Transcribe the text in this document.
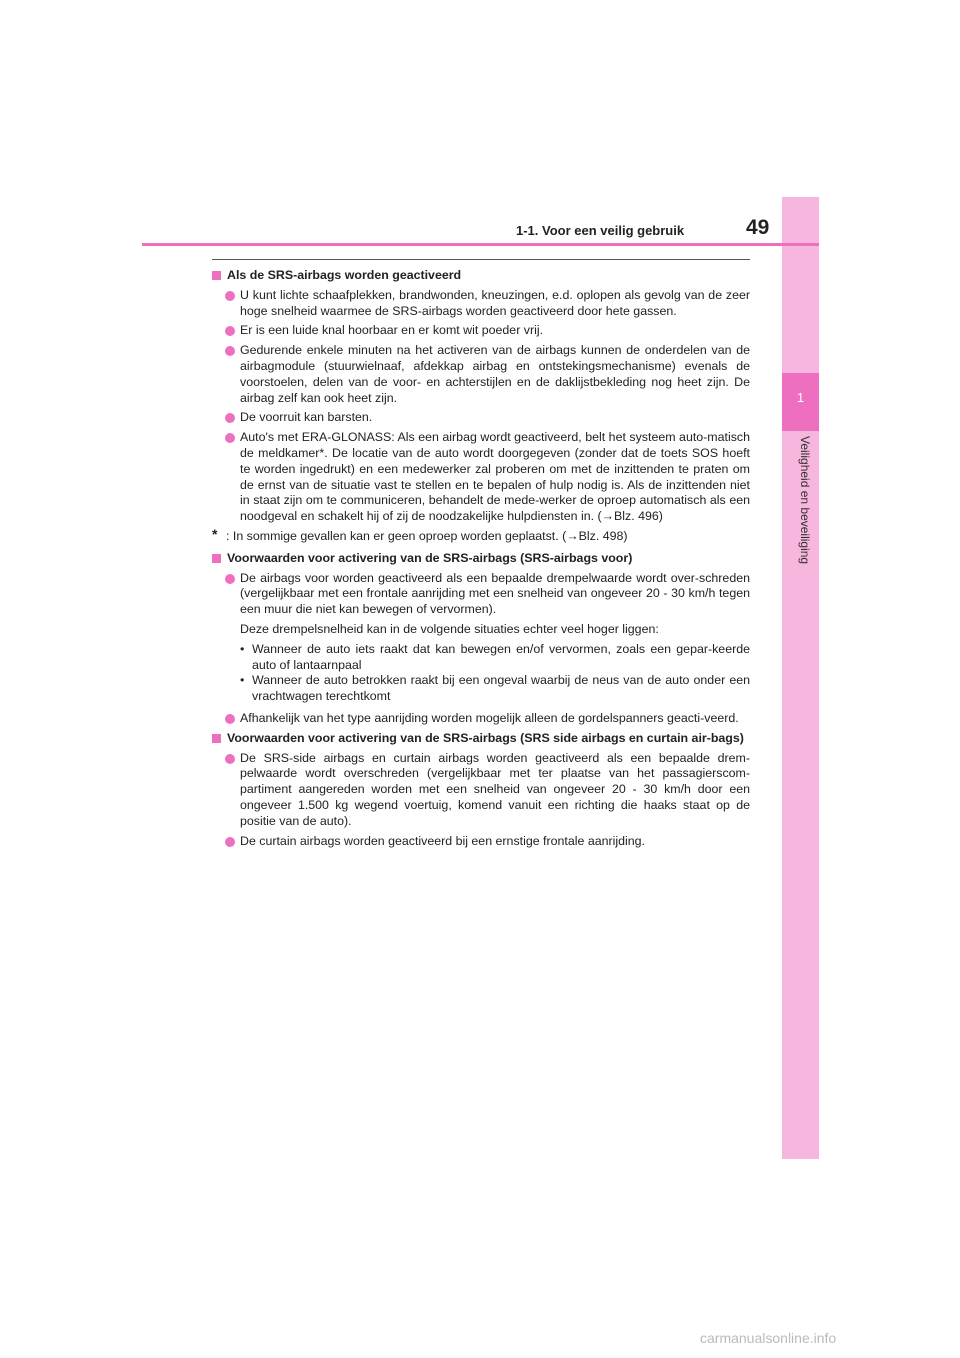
1
Veiligheid en beveiliging
1-1. Voor een veilig gebruik	49
Als de SRS-airbags worden geactiveerd
U kunt lichte schaafplekken, brandwonden, kneuzingen, e.d. oplopen als gevolg van de zeer hoge snelheid waarmee de SRS-airbags worden geactiveerd door hete gassen.
Er is een luide knal hoorbaar en er komt wit poeder vrij.
Gedurende enkele minuten na het activeren van de airbags kunnen de onderdelen van de airbagmodule (stuurwielnaaf, afdekkap airbag en ontstekingsmechanisme) evenals de voorstoelen, delen van de voor- en achterstijlen en de daklijstbekleding nog heet zijn. De airbag zelf kan ook heet zijn.
De voorruit kan barsten.
Auto's met ERA-GLONASS: Als een airbag wordt geactiveerd, belt het systeem auto-matisch de meldkamer*. De locatie van de auto wordt doorgegeven (zonder dat de toets SOS hoeft te worden ingedrukt) en een medewerker zal proberen om met de inzittenden te praten om de ernst van de situatie vast te stellen en te bepalen of hulp nodig is. Als de inzittenden niet in staat zijn om te communiceren, behandelt de mede-werker de oproep automatisch als een noodgeval en schakelt hij of zij de noodzakelijke hulpdiensten in. (→Blz. 496)
* : In sommige gevallen kan er geen oproep worden geplaatst. (→Blz. 498)
Voorwaarden voor activering van de SRS-airbags (SRS-airbags voor)
De airbags voor worden geactiveerd als een bepaalde drempelwaarde wordt over-schreden (vergelijkbaar met een frontale aanrijding met een snelheid van ongeveer 20 - 30 km/h tegen een muur die niet kan bewegen of vervormen).
Deze drempelsnelheid kan in de volgende situaties echter veel hoger liggen:
• Wanneer de auto iets raakt dat kan bewegen en/of vervormen, zoals een gepar-keerde auto of lantaarnpaal
• Wanneer de auto betrokken raakt bij een ongeval waarbij de neus van de auto onder een vrachtwagen terechtkomt
Afhankelijk van het type aanrijding worden mogelijk alleen de gordelspanners geacti-veerd.
Voorwaarden voor activering van de SRS-airbags (SRS side airbags en curtain air-bags)
De SRS-side airbags en curtain airbags worden geactiveerd als een bepaalde drem-pelwaarde wordt overschreden (vergelijkbaar met ter plaatse van het passagierscom-partiment aangereden worden met een snelheid van ongeveer 20 - 30 km/h door een ongeveer 1.500 kg wegend voertuig, komend vanuit een richting die haaks staat op de positie van de auto).
De curtain airbags worden geactiveerd bij een ernstige frontale aanrijding.
carmanualsonline.info
